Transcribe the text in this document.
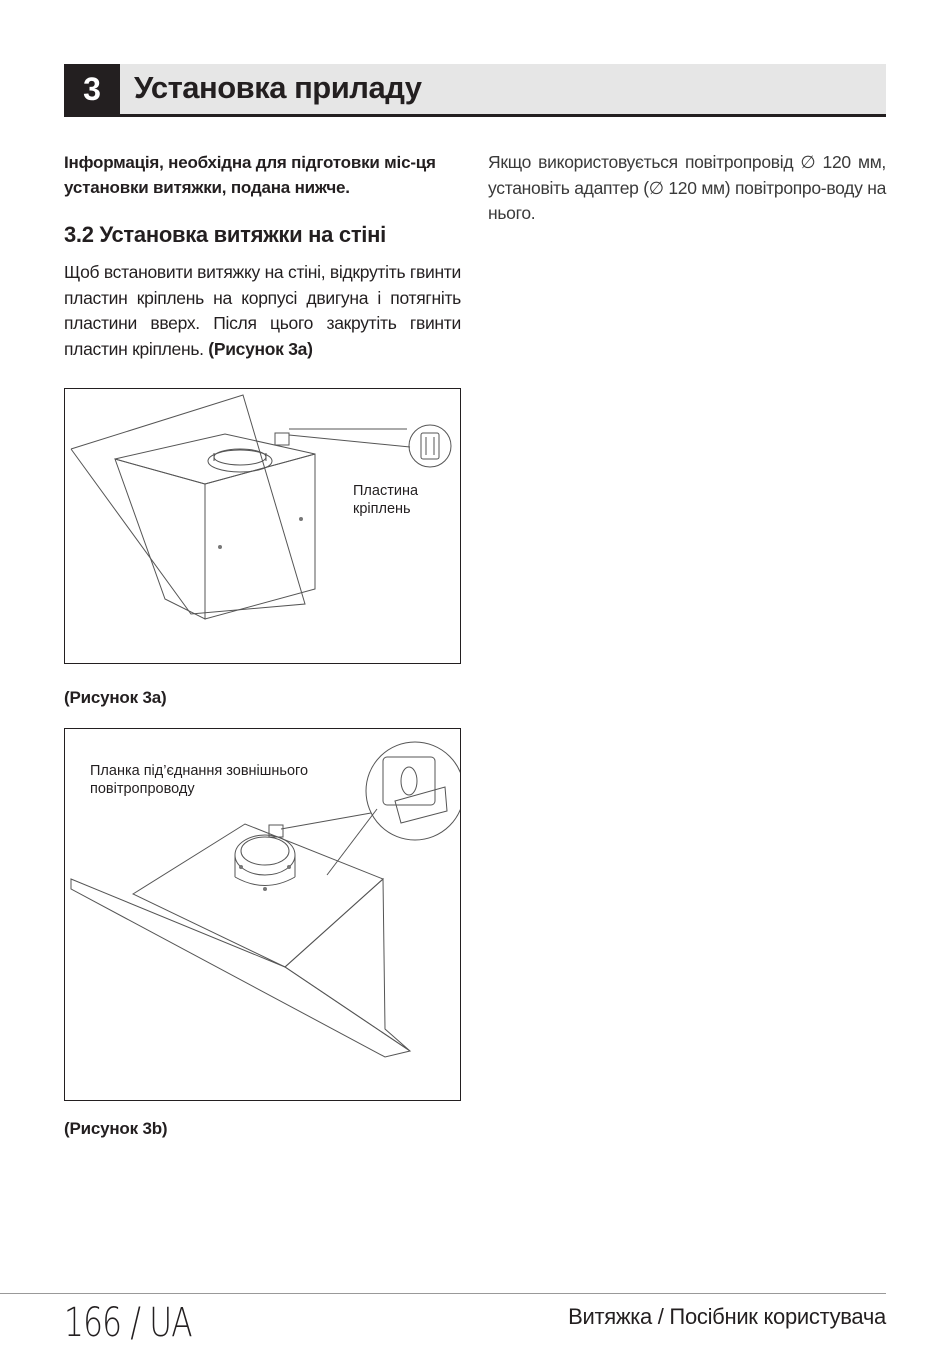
3	Установка приладу

Інформація, необхідна для підготовки міс-ця установки витяжки, подана нижче.

3.2 Установка витяжки на стіні

Щоб встановити витяжку на стіні, відкрутіть гвинти пластин кріплень на корпусі двигуна і потягніть пластини вверх. Після цього закрутіть гвинти пластин кріплень. (Рисунок 3a)

Якщо використовується повітропровід ∅ 120 мм, установіть адаптер (∅ 120 мм) повітропро-воду на нього.

Пластина
кріплень
(Рисунок 3a)
Планка під’єднання зовнішнього
повітропроводу
(Рисунок 3b)
166 / UA	Витяжка / Посібник користувача
